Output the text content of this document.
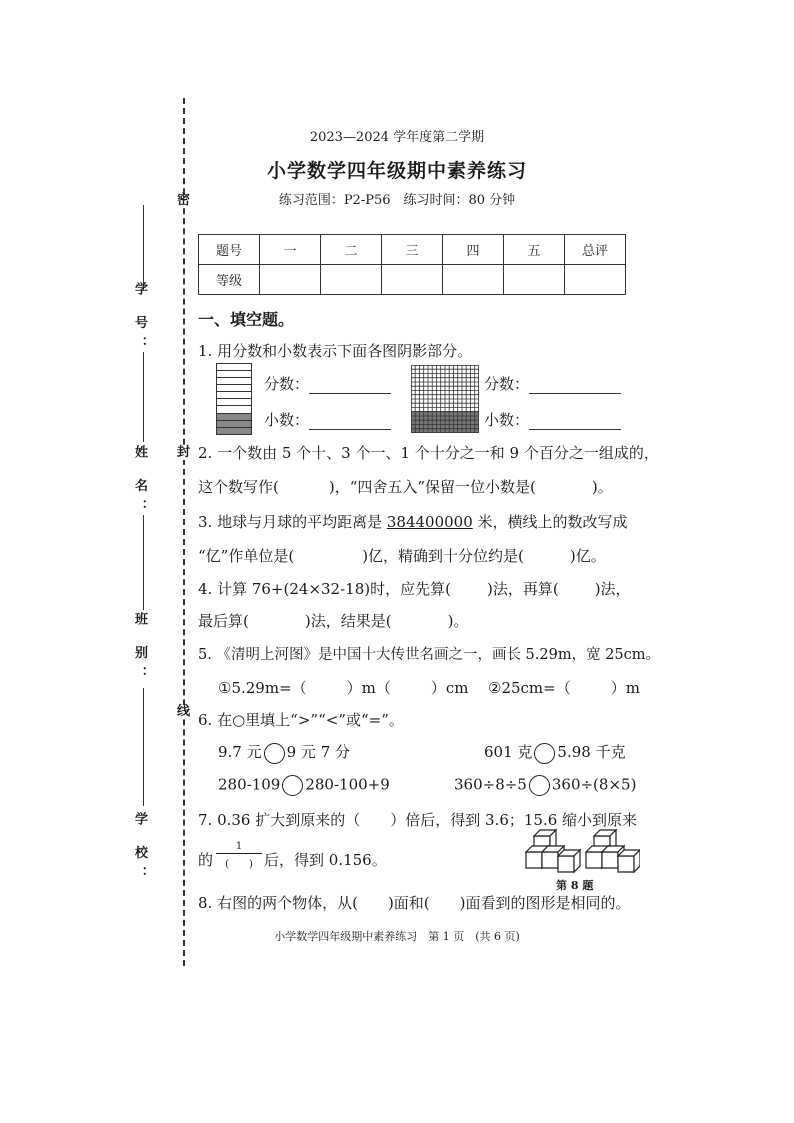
密
封
线
学 号：
姓 名：
班 别：
学 校：
2023—2024 学年度第二学期
小学数学四年级期中素养练习
练习范围：P2-P56　练习时间：80 分钟
题号	一	二	三	四	五	总评
等级						
一、填空题。
1. 用分数和小数表示下面各图阴影部分。
分数：
小数：
分数：
小数：
2. 一个数由 5 个十、3 个一、1 个十分之一和 9 个百分之一组成的，
这个数写作(	)，“四舍五入”保留一位小数是(	)。
3. 地球与月球的平均距离是 384400000 米，横线上的数改写成
“亿”作单位是(	)亿，精确到十分位约是(	)亿。
4. 计算 76+(24×32-18)时，应先算( )法，再算( )法，
最后算(	)法，结果是(	)。
5. 《清明上河图》是中国十大传世名画之一，画长 5.29m，宽 25cm。
①5.29m=（	）m（	）cm ②25cm=（	）m
6. 在○里填上“>”“<”或“=”。
9.7 元 9 元 7 分	601 克 5.98 千克
280-109 280-100+9	360÷8÷5 360÷(8×5)
7. 0.36 扩大到原来的（ ）倍后，得到 3.6；15.6 缩小到原来
的
1
(　　) 后，得到 0.156。
第 8 题
8. 右图的两个物体，从( )面和( )面看到的图形是相同的。
小学数学四年级期中素养练习　第 1 页　(共 6 页)
